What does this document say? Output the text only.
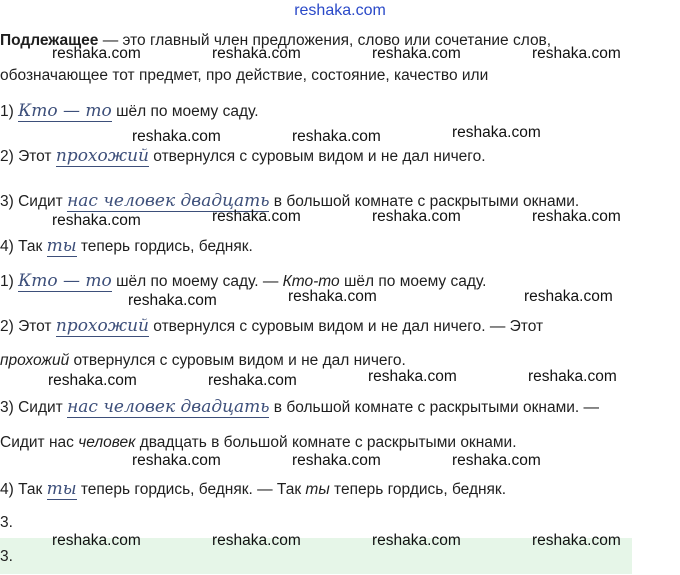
reshaka.com
Подлежащее — это главный член предложения, слово или сочетание слов,
обозначающее тот предмет, про действие, состояние, качество или
1) Кто — то шёл по моему саду.
2) Этот прохожий отвернулся с суровым видом и не дал ничего.
3) Сидит нас человек двадцать в большой комнате с раскрытыми окнами.
4) Так ты теперь гордись, бедняк.
1) Кто — то шёл по моему саду. — Кто-то шёл по моему саду.
2) Этот прохожий отвернулся с суровым видом и не дал ничего. — Этот
прохожий отвернулся с суровым видом и не дал ничего.
3) Сидит нас человек двадцать в большой комнате с раскрытыми окнами. —
Сидит нас человек двадцать в большой комнате с раскрытыми окнами.
4) Так ты теперь гордись, бедняк. — Так ты теперь гордись, бедняк.
3.
3.
reshaka.com	reshaka.com	reshaka.com	reshaka.com
reshaka.com	reshaka.com	reshaka.com
reshaka.com	reshaka.com	reshaka.com	reshaka.com
reshaka.com	reshaka.com	reshaka.com
reshaka.com	reshaka.com	reshaka.com	reshaka.com
reshaka.com	reshaka.com	reshaka.com
reshaka.com	reshaka.com	reshaka.com	reshaka.com
